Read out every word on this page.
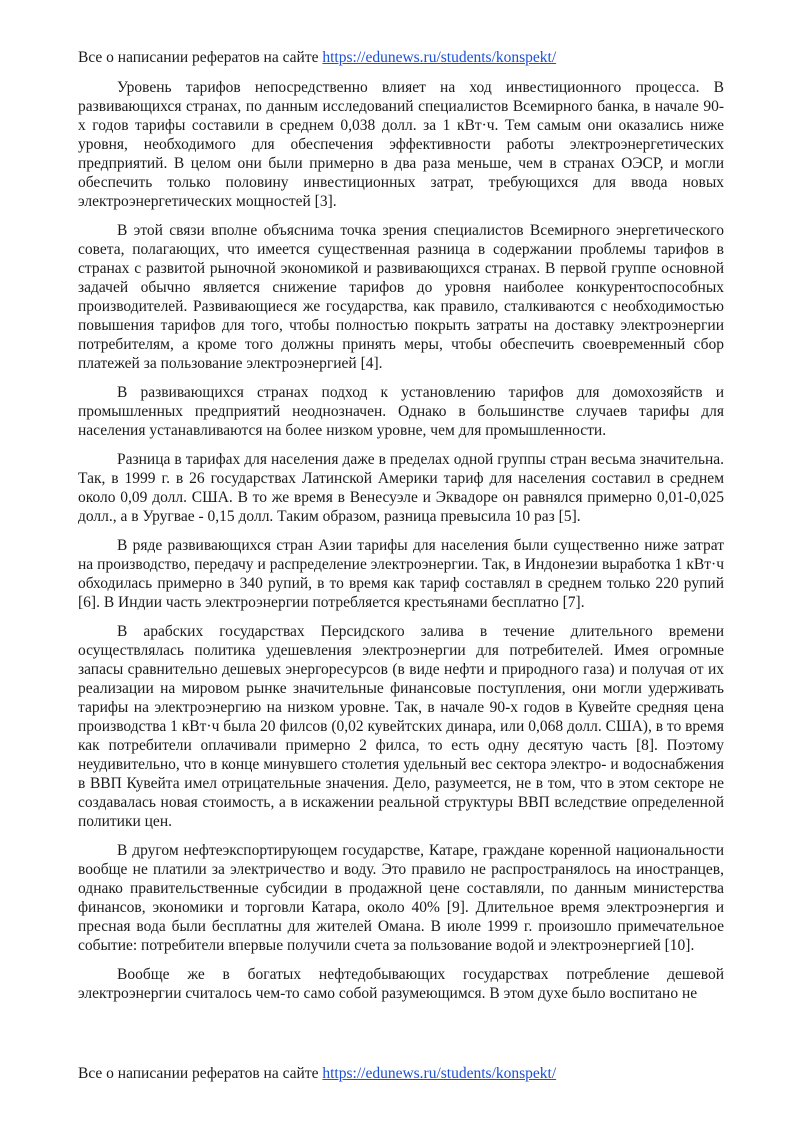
Все о написании рефератов на сайте https://edunews.ru/students/konspekt/

Уровень тарифов непосредственно влияет на ход инвестиционного процесса. В развивающихся странах, по данным исследований специалистов Всемирного банка, в начале 90-х годов тарифы составили в среднем 0,038 долл. за 1 кВт·ч. Тем самым они оказались ниже уровня, необходимого для обеспечения эффективности работы электроэнергетических предприятий. В целом они были примерно в два раза меньше, чем в странах ОЭСР, и могли обеспечить только половину инвестиционных затрат, требующихся для ввода новых электроэнергетических мощностей [3].

В этой связи вполне объяснима точка зрения специалистов Всемирного энергетического совета, полагающих, что имеется существенная разница в содержании проблемы тарифов в странах с развитой рыночной экономикой и развивающихся странах. В первой группе основной задачей обычно является снижение тарифов до уровня наиболее конкурентоспособных производителей. Развивающиеся же государства, как правило, сталкиваются с необходимостью повышения тарифов для того, чтобы полностью покрыть затраты на доставку электроэнергии потребителям, а кроме того должны принять меры, чтобы обеспечить своевременный сбор платежей за пользование электроэнергией [4].

В развивающихся странах подход к установлению тарифов для домохозяйств и промышленных предприятий неоднозначен. Однако в большинстве случаев тарифы для населения устанавливаются на более низком уровне, чем для промышленности.

Разница в тарифах для населения даже в пределах одной группы стран весьма значительна. Так, в 1999 г. в 26 государствах Латинской Америки тариф для населения составил в среднем около 0,09 долл. США. В то же время в Венесуэле и Эквадоре он равнялся примерно 0,01-0,025 долл., а в Уругвае - 0,15 долл. Таким образом, разница превысила 10 раз [5].

В ряде развивающихся стран Азии тарифы для населения были существенно ниже затрат на производство, передачу и распределение электроэнергии. Так, в Индонезии выработка 1 кВт·ч обходилась примерно в 340 рупий, в то время как тариф составлял в среднем только 220 рупий [6]. В Индии часть электроэнергии потребляется крестьянами бесплатно [7].

В арабских государствах Персидского залива в течение длительного времени осуществлялась политика удешевления электроэнергии для потребителей. Имея огромные запасы сравнительно дешевых энергоресурсов (в виде нефти и природного газа) и получая от их реализации на мировом рынке значительные финансовые поступления, они могли удерживать тарифы на электроэнергию на низком уровне. Так, в начале 90-х годов в Кувейте средняя цена производства 1 кВт·ч была 20 филсов (0,02 кувейтских динара, или 0,068 долл. США), в то время как потребители оплачивали примерно 2 филса, то есть одну десятую часть [8]. Поэтому неудивительно, что в конце минувшего столетия удельный вес сектора электро- и водоснабжения в ВВП Кувейта имел отрицательные значения. Дело, разумеется, не в том, что в этом секторе не создавалась новая стоимость, а в искажении реальной структуры ВВП вследствие определенной политики цен.

В другом нефтеэкспортирующем государстве, Катаре, граждане коренной национальности вообще не платили за электричество и воду. Это правило не распространялось на иностранцев, однако правительственные субсидии в продажной цене составляли, по данным министерства финансов, экономики и торговли Катара, около 40% [9]. Длительное время электроэнергия и пресная вода были бесплатны для жителей Омана. В июле 1999 г. произошло примечательное событие: потребители впервые получили счета за пользование водой и электроэнергией [10].

Вообще же в богатых нефтедобывающих государствах потребление дешевой электроэнергии считалось чем-то само собой разумеющимся. В этом духе было воспитано не

Все о написании рефератов на сайте https://edunews.ru/students/konspekt/
